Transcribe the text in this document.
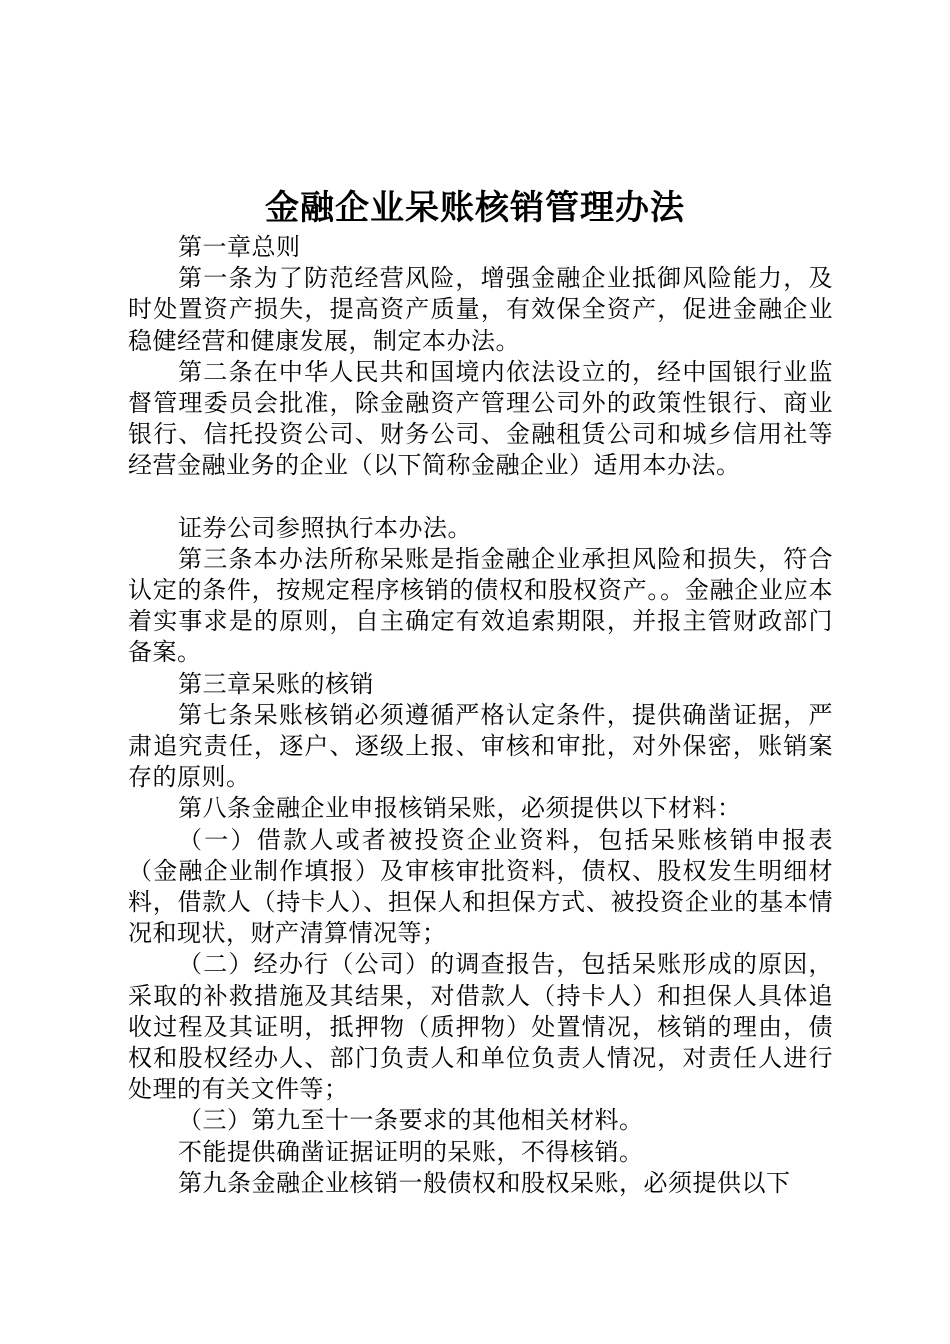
金融企业呆账核销管理办法

第一章总则

第一条为了防范经营风险，增强金融企业抵御风险能力，及时处置资产损失，提高资产质量，有效保全资产，促进金融企业稳健经营和健康发展，制定本办法。

第二条在中华人民共和国境内依法设立的，经中国银行业监督管理委员会批准，除金融资产管理公司外的政策性银行、商业银行、信托投资公司、财务公司、金融租赁公司和城乡信用社等经营金融业务的企业（以下简称金融企业）适用本办法。

证券公司参照执行本办法。

第三条本办法所称呆账是指金融企业承担风险和损失，符合认定的条件，按规定程序核销的债权和股权资产。。金融企业应本着实事求是的原则，自主确定有效追索期限，并报主管财政部门备案。

第三章呆账的核销

第七条呆账核销必须遵循严格认定条件，提供确凿证据，严肃追究责任，逐户、逐级上报、审核和审批，对外保密，账销案存的原则。

第八条金融企业申报核销呆账，必须提供以下材料：

（一）借款人或者被投资企业资料，包括呆账核销申报表（金融企业制作填报）及审核审批资料，债权、股权发生明细材料，借款人（持卡人）、担保人和担保方式、被投资企业的基本情况和现状，财产清算情况等；

（二）经办行（公司）的调查报告，包括呆账形成的原因，采取的补救措施及其结果，对借款人（持卡人）和担保人具体追收过程及其证明，抵押物（质押物）处置情况，核销的理由，债权和股权经办人、部门负责人和单位负责人情况，对责任人进行处理的有关文件等；

（三）第九至十一条要求的其他相关材料。

不能提供确凿证据证明的呆账，不得核销。

第九条金融企业核销一般债权和股权呆账，必须提供以下
